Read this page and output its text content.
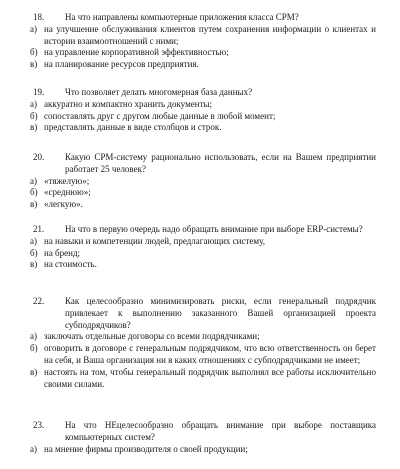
18.	На что направлены компьютерные приложения класса CPM?
а) на улучшение обслуживания клиентов путем сохранения информации о клиентах и истории взаимоотношений с ними;
б) на управление корпоративной эффективностью;
в) на планирование ресурсов предприятия.
19.	Что позволяет делать многомерная база данных?
а) аккуратно и компактно хранить документы;
б) сопоставлять друг с другом любые данные в любой момент;
в) представлять данные в виде столбцов и строк.
20.	Какую CPM-систему рационально использовать, если на Вашем предприятии работает 25 человек?
а) «тяжелую»;
б) «среднюю»;
в) «легкую».
21.	На что в первую очередь надо обращать внимание при выборе ERP-системы?
а) на навыки и компетенции людей, предлагающих систему,
б) на бренд;
в) на стоимость.
22.	Как целесообразно минимизировать риски, если генеральный подрядчик привлекает к выполнению заказанного Вашей организацией проекта субподрядчиков?
а) заключать отдельные договоры со всеми подрядчиками;
б) оговорить в договоре с генеральным подрядчиком, что всю ответственность он берет на себя, и Ваша организация ни в каких отношениях с субподрядчиками не имеет;
в) настоять на том, чтобы генеральный подрядчик выполнял все работы исключительно своими силами.
23.	На что НЕцелесообразно обращать внимание при выборе поставщика компьютерных систем?
а) на мнение фирмы производителя о своей продукции;
